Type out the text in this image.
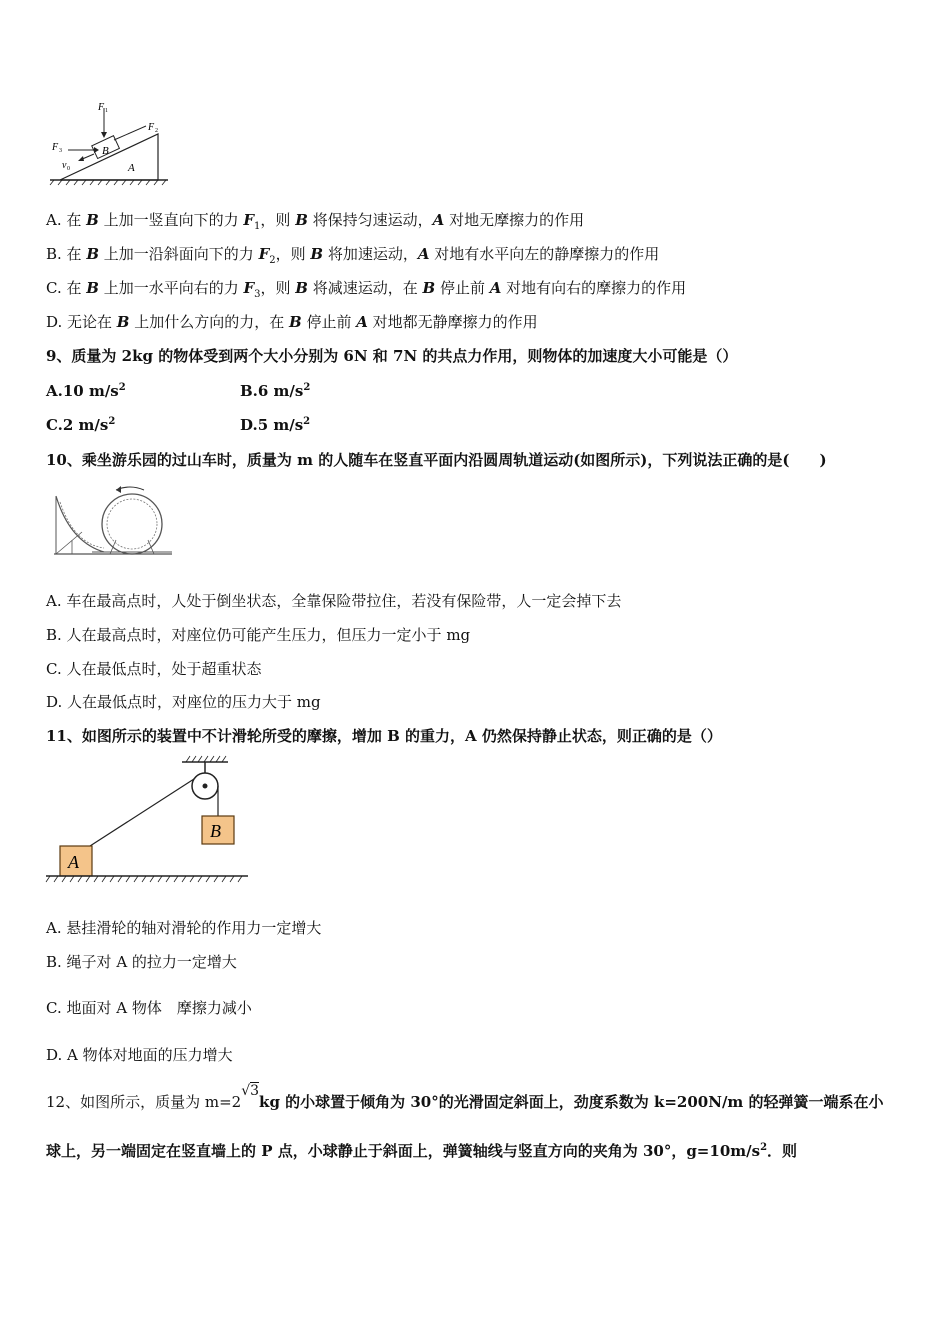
F 1
F 2
F 3
v 0
B
A
A. 在 B 上加一竖直向下的力 $F_1$，则 B 将保持匀速运动，A 对地无摩擦力的作用
B. 在 B 上加一沿斜面向下的力 $F_2$，则 B 将加速运动，A 对地有水平向左的静摩擦力的作用
C. 在 B 上加一水平向右的力 $F_3$，则 B 将减速运动，在 B 停止前 A 对地有向右的摩擦力的作用
D. 无论在 B 上加什么方向的力，在 B 停止前 A 对地都无静摩擦力的作用
9、质量为 2kg 的物体受到两个大小分别为 6N 和 7N 的共点力作用，则物体的加速度大小可能是（）
A.10 $m/s^2$	B.6 $m/s^2$
C.2 $m/s^2$	D.5 $m/s^2$
10、乘坐游乐园的过山车时，质量为 m 的人随车在竖直平面内沿圆周轨道运动(如图所示)，下列说法正确的是(　　)
A. 车在最高点时，人处于倒坐状态，全靠保险带拉住，若没有保险带，人一定会掉下去
B. 人在最高点时，对座位仍可能产生压力，但压力一定小于 mg
C. 人在最低点时，处于超重状态
D. 人在最低点时，对座位的压力大于 mg
11、如图所示的装置中不计滑轮所受的摩擦，增加 B 的重力，A 仍然保持静止状态，则正确的是（）
B
A
A. 悬挂滑轮的轴对滑轮的作用力一定增大
B. 绳子对 A 的拉力一定增大
C. 地面对 A 物体　摩擦力减小
D. A 物体对地面的压力增大
12、如图所示，质量为 m=2√3kg 的小球置于倾角为 30°的光滑固定斜面上，劲度系数为 k=200N/m 的轻弹簧一端系在小
球上，另一端固定在竖直墙上的 P 点，小球静止于斜面上，弹簧轴线与竖直方向的夹角为 30°，$g=10m/s^2$．则
